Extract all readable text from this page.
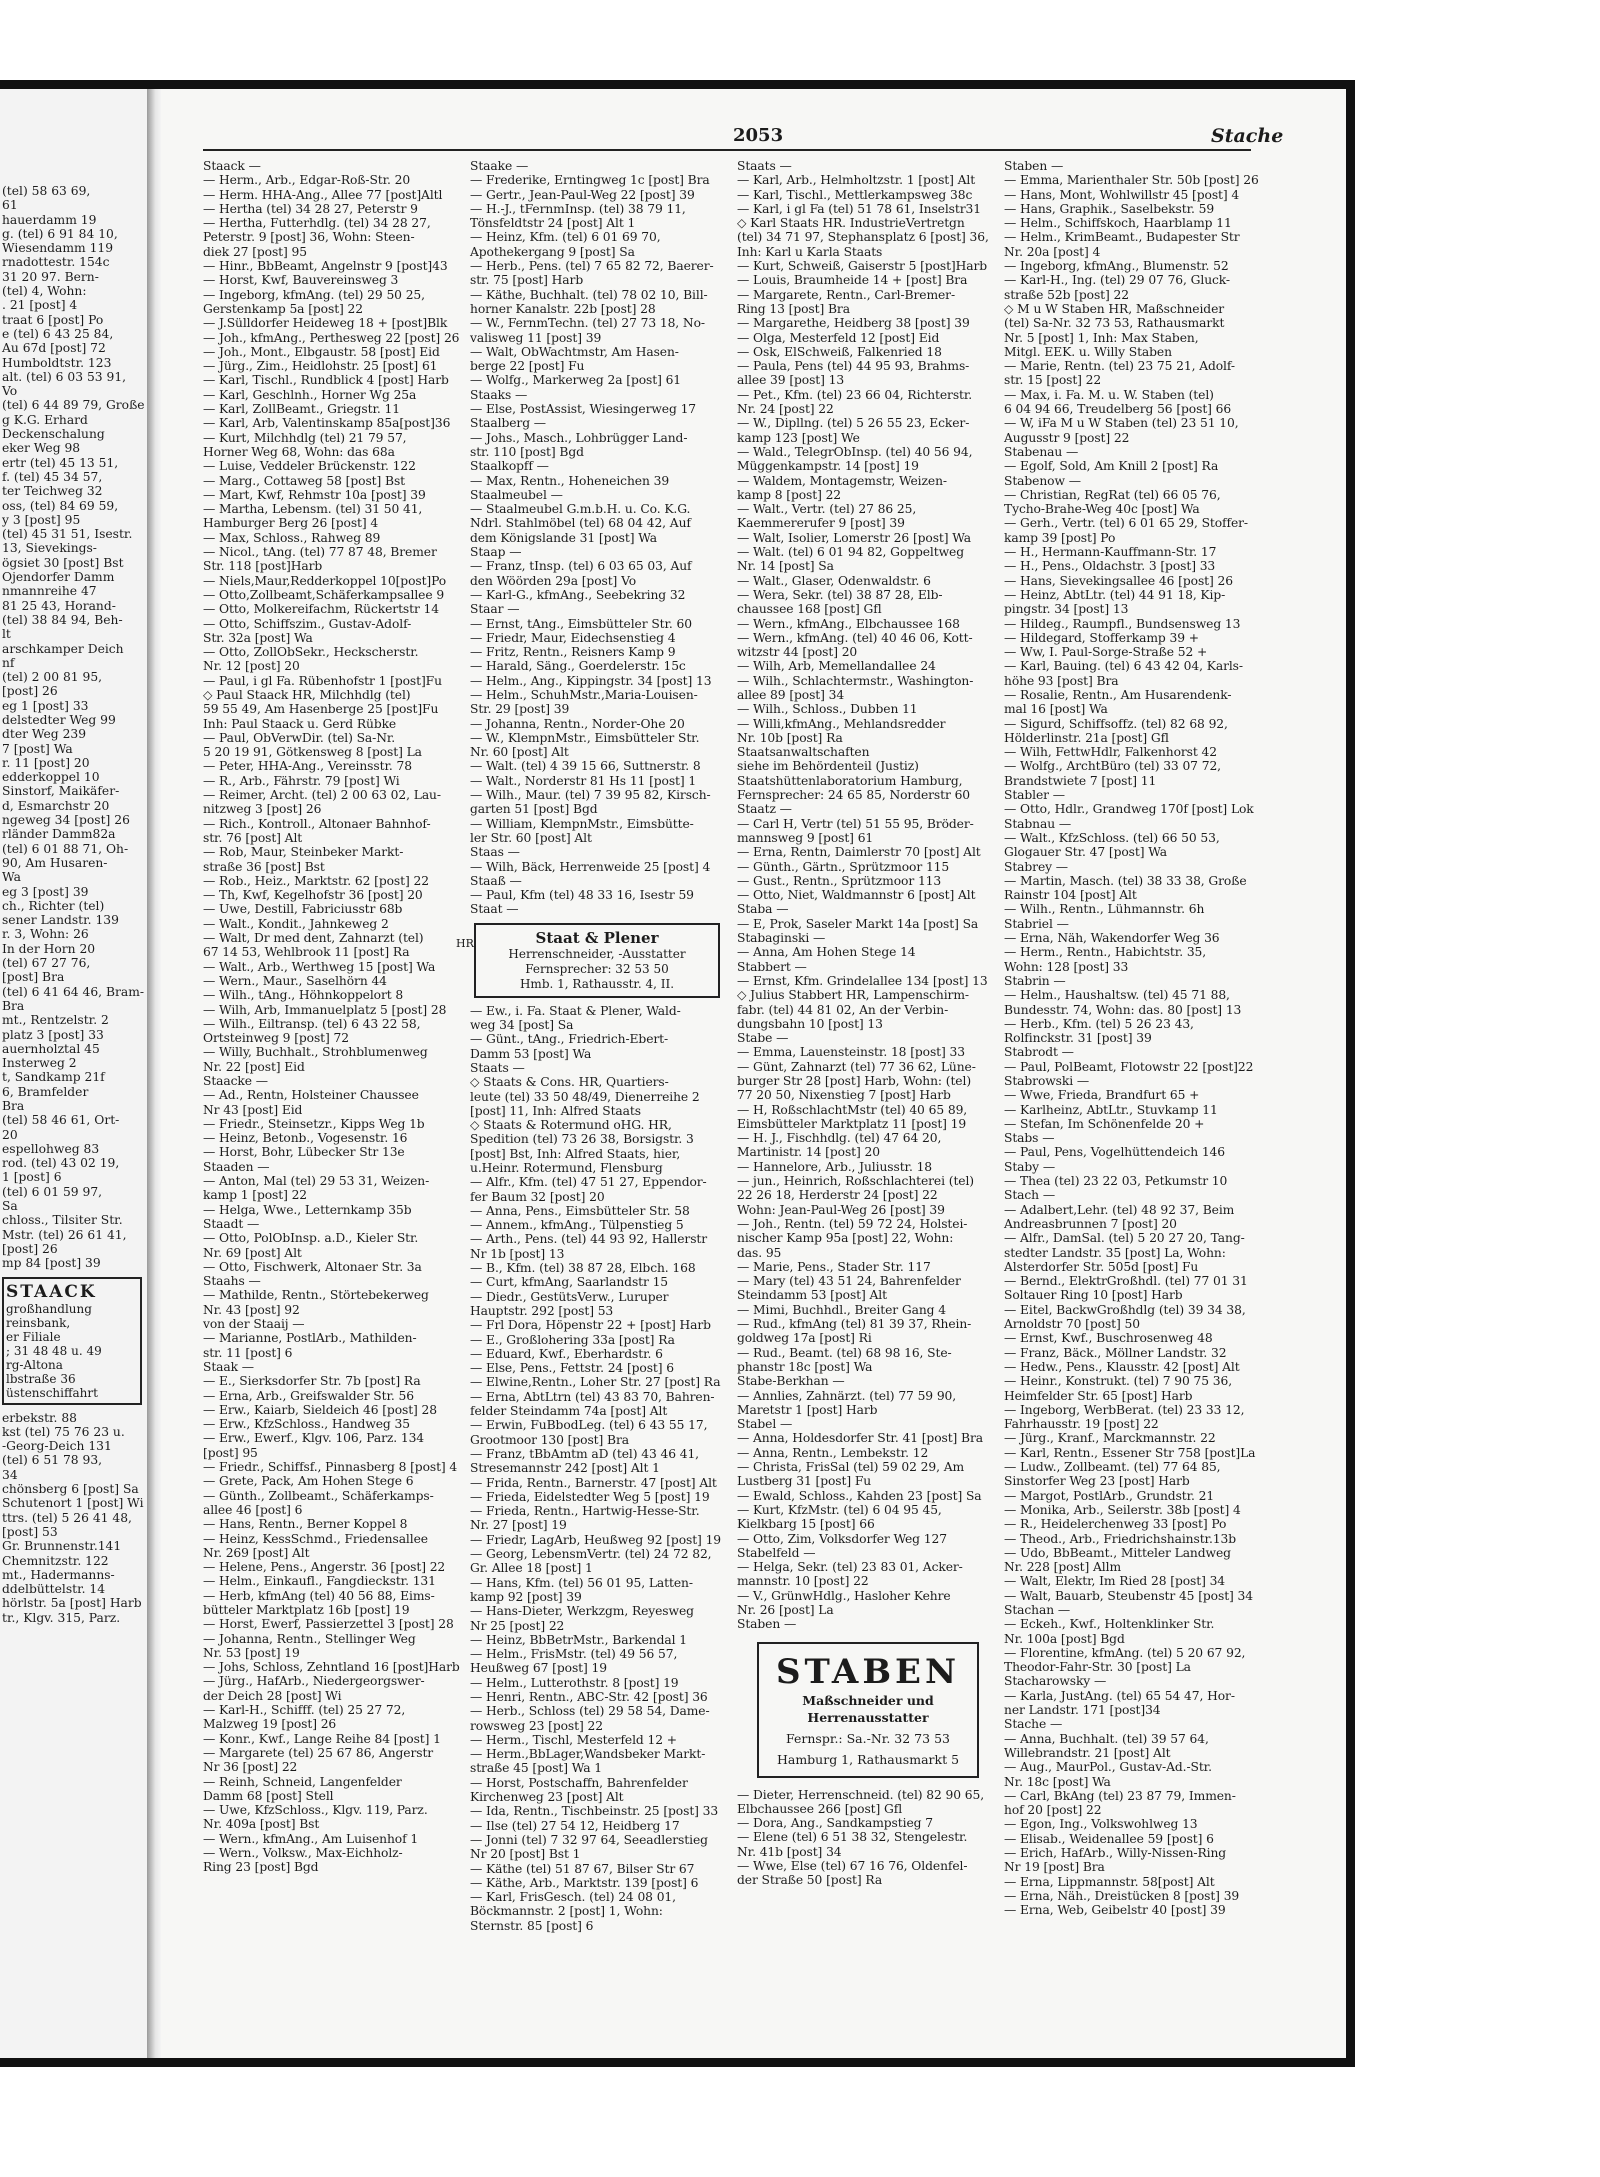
(tel) 58 63 69,
61
hauerdamm 19
g. (tel) 6 91 84 10,
Wiesendamm 119
rnadottestr. 154c
31 20 97. Bern-
(tel) 4, Wohn:
. 21 [post] 4
traat 6 [post] Po
e (tel) 6 43 25 84,
Au 67d [post] 72
Humboldtstr. 123
alt. (tel) 6 03 53 91,
Vo
(tel) 6 44 89 79, Große
g K.G. Erhard
Deckenschalung
eker Weg 98
ertr (tel) 45 13 51,
f. (tel) 45 34 57,
ter Teichweg 32
oss, (tel) 84 69 59,
y 3 [post] 95
(tel) 45 31 51, Isestr.
13, Sievekings-
ögsiet 30 [post] Bst
Ojendorfer Damm
nmannreihe 47
81 25 43, Horand-
(tel) 38 84 94, Beh-
lt
arschkamper Deich
nf
(tel) 2 00 81 95,
[post] 26
eg 1 [post] 33
delstedter Weg 99
dter Weg 239
7 [post] Wa
r. 11 [post] 20
edderkoppel 10
Sinstorf, Maikäfer-
d, Esmarchstr 20
ngeweg 34 [post] 26
rländer Damm82a
(tel) 6 01 88 71, Oh-
90, Am Husaren-
Wa
eg 3 [post] 39
ch., Richter (tel)
sener Landstr. 139
r. 3, Wohn: 26
In der Horn 20
(tel) 67 27 76,
[post] Bra
(tel) 6 41 64 46, Bram-
Bra
mt., Rentzelstr. 2
platz 3 [post] 33
auernholztal 45
Insterweg 2
t, Sandkamp 21f
6, Bramfelder
Bra
(tel) 58 46 61, Ort-
20
espellohweg 83
rod. (tel) 43 02 19,
1 [post] 6
(tel) 6 01 59 97,
Sa
chloss., Tilsiter Str.
Mstr. (tel) 26 61 41,
[post] 26
mp 84 [post] 39
STAACK
großhandlung
reinsbank,
er Filiale
; 31 48 48 u. 49
rg-Altona
lbstraße 36
üstenschiffahrt
erbekstr. 88
kst (tel) 75 76 23 u.
-Georg-Deich 131
(tel) 6 51 78 93,
34
chönsberg 6 [post] Sa
Schutenort 1 [post] Wi
ttrs. (tel) 5 26 41 48,
[post] 53
Gr. Brunnenstr.141
Chemnitzstr. 122
mt., Hadermanns-
ddelbüttelstr. 14
hörlstr. 5a [post] Harb
tr., Klgv. 315, Parz.
2053	Stache
Staack —
— Herm., Arb., Edgar-Roß-Str. 20
— Herm. HHA-Ang., Allee 77 [post]Altl
— Hertha (tel) 34 28 27, Peterstr 9
— Hertha, Futterhdlg. (tel) 34 28 27,
Peterstr. 9 [post] 36, Wohn: Steen-
diek 27 [post] 95
— Hinr., BbBeamt, Angelnstr 9 [post]43
— Horst, Kwf, Bauvereinsweg 3
— Ingeborg, kfmAng. (tel) 29 50 25,
Gerstenkamp 5a [post] 22
— J.Sülldorfer Heideweg 18 + [post]Blk
— Joh., kfmAng., Perthesweg 22 [post] 26
— Joh., Mont., Elbgaustr. 58 [post] Eid
— Jürg., Zim., Heidlohstr. 25 [post] 61
— Karl, Tischl., Rundblick 4 [post] Harb
— Karl, Geschlnh., Horner Wg 25a
— Karl, ZollBeamt., Griegstr. 11
— Karl, Arb, Valentinskamp 85a[post]36
— Kurt, Milchhdlg (tel) 21 79 57,
Horner Weg 68, Wohn: das 68a
— Luise, Veddeler Brückenstr. 122
— Marg., Cottaweg 58 [post] Bst
— Mart, Kwf, Rehmstr 10a [post] 39
— Martha, Lebensm. (tel) 31 50 41,
Hamburger Berg 26 [post] 4
— Max, Schloss., Rahweg 89
— Nicol., tAng. (tel) 77 87 48, Bremer
Str. 118 [post]Harb
— Niels,Maur,Redderkoppel 10[post]Po
— Otto,Zollbeamt,Schäferkampsallee 9
— Otto, Molkereifachm, Rückertstr 14
— Otto, Schiffszim., Gustav-Adolf-
Str. 32a [post] Wa
— Otto, ZollObSekr., Heckscherstr.
Nr. 12 [post] 20
— Paul, i gl Fa. Rübenhofstr 1 [post]Fu
◇ Paul Staack HR, Milchhdlg (tel)
59 55 49, Am Hasenberge 25 [post]Fu
Inh: Paul Staack u. Gerd Rübke
— Paul, ObVerwDir. (tel) Sa-Nr.
5 20 19 91, Götkensweg 8 [post] La
— Peter, HHA-Ang., Vereinsstr. 78
— R., Arb., Fährstr. 79 [post] Wi
— Reimer, Archt. (tel) 2 00 63 02, Lau-
nitzweg 3 [post] 26
— Rich., Kontroll., Altonaer Bahnhof-
str. 76 [post] Alt
— Rob, Maur, Steinbeker Markt-
straße 36 [post] Bst
— Rob., Heiz., Marktstr. 62 [post] 22
— Th, Kwf, Kegelhofstr 36 [post] 20
— Uwe, Destill, Fabriciusstr 68b
— Walt., Kondit., Jahnkeweg 2
— Walt, Dr med dent, Zahnarzt (tel)
67 14 53, Wehlbrook 11 [post] Ra
— Walt., Arb., Werthweg 15 [post] Wa
— Wern., Maur., Saselhörn 44
— Wilh., tAng., Höhnkoppelort 8
— Wilh, Arb, Immanuelplatz 5 [post] 28
— Wilh., Eiltransp. (tel) 6 43 22 58,
Ortsteinweg 9 [post] 72
— Willy, Buchhalt., Strohblumenweg
Nr. 22 [post] Eid
Staacke —
— Ad., Rentn, Holsteiner Chaussee
Nr 43 [post] Eid
— Friedr., Steinsetzr., Kipps Weg 1b
— Heinz, Betonb., Vogesenstr. 16
— Horst, Bohr, Lübecker Str 13e
Staaden —
— Anton, Mal (tel) 29 53 31, Weizen-
kamp 1 [post] 22
— Helga, Wwe., Letternkamp 35b
Staadt —
— Otto, PolObInsp. a.D., Kieler Str.
Nr. 69 [post] Alt
— Otto, Fischwerk, Altonaer Str. 3a
Staahs —
— Mathilde, Rentn., Störtebekerweg
Nr. 43 [post] 92
von der Staaij —
— Marianne, PostlArb., Mathilden-
str. 11 [post] 6
Staak —
— E., Sierksdorfer Str. 7b [post] Ra
— Erna, Arb., Greifswalder Str. 56
— Erw., Kaiarb, Sieldeich 46 [post] 28
— Erw., KfzSchloss., Handweg 35
— Erw., Ewerf., Klgv. 106, Parz. 134
[post] 95
— Friedr., Schiffsf., Pinnasberg 8 [post] 4
— Grete, Pack, Am Hohen Stege 6
— Günth., Zollbeamt., Schäferkamps-
allee 46 [post] 6
— Hans, Rentn., Berner Koppel 8
— Heinz, KessSchmd., Friedensallee
Nr. 269 [post] Alt
— Helene, Pens., Angerstr. 36 [post] 22
— Helm., Einkaufl., Fangdieckstr. 131
— Herb, kfmAng (tel) 40 56 88, Eims-
bütteler Marktplatz 16b [post] 19
— Horst, Ewerf, Passierzettel 3 [post] 28
— Johanna, Rentn., Stellinger Weg
Nr. 53 [post] 19
— Johs, Schloss, Zehntland 16 [post]Harb
— Jürg., HafArb., Niedergeorgswer-
der Deich 28 [post] Wi
— Karl-H., Schifff. (tel) 25 27 72,
Malzweg 19 [post] 26
— Konr., Kwf., Lange Reihe 84 [post] 1
— Margarete (tel) 25 67 86, Angerstr
Nr 36 [post] 22
— Reinh, Schneid, Langenfelder
Damm 68 [post] Stell
— Uwe, KfzSchloss., Klgv. 119, Parz.
Nr. 409a [post] Bst
— Wern., kfmAng., Am Luisenhof 1
— Wern., Volksw., Max-Eichholz-
Ring 23 [post] Bgd
Staake —
— Frederike, Erntingweg 1c [post] Bra
— Gertr., Jean-Paul-Weg 22 [post] 39
— H.-J., tFernmInsp. (tel) 38 79 11,
Tönsfeldtstr 24 [post] Alt 1
— Heinz, Kfm. (tel) 6 01 69 70,
Apothekergang 9 [post] Sa
— Herb., Pens. (tel) 7 65 82 72, Baerer-
str. 75 [post] Harb
— Käthe, Buchhalt. (tel) 78 02 10, Bill-
horner Kanalstr. 22b [post] 28
— W., FernmTechn. (tel) 27 73 18, No-
valisweg 11 [post] 39
— Walt, ObWachtmstr, Am Hasen-
berge 22 [post] Fu
— Wolfg., Markerweg 2a [post] 61
Staaks —
— Else, PostAssist, Wiesingerweg 17
Staalberg —
— Johs., Masch., Lohbrügger Land-
str. 110 [post] Bgd
Staalkopff —
— Max, Rentn., Hoheneichen 39
Staalmeubel —
— Staalmeubel G.m.b.H. u. Co. K.G.
Ndrl. Stahlmöbel (tel) 68 04 42, Auf
dem Königslande 31 [post] Wa
Staap —
— Franz, tInsp. (tel) 6 03 65 03, Auf
den Wöörden 29a [post] Vo
— Karl-G., kfmAng., Seebekring 32
Staar —
— Ernst, tAng., Eimsbütteler Str. 60
— Friedr, Maur, Eidechsenstieg 4
— Fritz, Rentn., Reisners Kamp 9
— Harald, Säng., Goerdelerstr. 15c
— Helm., Ang., Kippingstr. 34 [post] 13
— Helm., SchuhMstr.,Maria-Louisen-
Str. 29 [post] 39
— Johanna, Rentn., Norder-Ohe 20
— W., KlempnMstr., Eimsbütteler Str.
Nr. 60 [post] Alt
— Walt. (tel) 4 39 15 66, Suttnerstr. 8
— Walt., Norderstr 81 Hs 11 [post] 1
— Wilh., Maur. (tel) 7 39 95 82, Kirsch-
garten 51 [post] Bgd
— William, KlempnMstr., Eimsbütte-
ler Str. 60 [post] Alt
Staas —
— Wilh, Bäck, Herrenweide 25 [post] 4
Staaß —
— Paul, Kfm (tel) 48 33 16, Isestr 59
Staat —
HR	Staat & Plener
Herrenschneider, -Ausstatter
Fernsprecher: 32 53 50
Hmb. 1, Rathausstr. 4, II.
— Ew., i. Fa. Staat & Plener, Wald-
weg 34 [post] Sa
— Günt., tAng., Friedrich-Ebert-
Damm 53 [post] Wa
Staats —
◇ Staats & Cons. HR, Quartiers-
leute (tel) 33 50 48/49, Dienerreihe 2
[post] 11, Inh: Alfred Staats
◇ Staats & Rotermund oHG. HR,
Spedition (tel) 73 26 38, Borsigstr. 3
[post] Bst, Inh: Alfred Staats, hier,
u.Heinr. Rotermund, Flensburg
— Alfr., Kfm. (tel) 47 51 27, Eppendor-
fer Baum 32 [post] 20
— Anna, Pens., Eimsbütteler Str. 58
— Annem., kfmAng., Tülpenstieg 5
— Arth., Pens. (tel) 44 93 92, Hallerstr
Nr 1b [post] 13
— B., Kfm. (tel) 38 87 28, Elbch. 168
— Curt, kfmAng, Saarlandstr 15
— Diedr., GestütsVerw., Luruper
Hauptstr. 292 [post] 53
— Frl Dora, Höpenstr 22 + [post] Harb
— E., Großlohering 33a [post] Ra
— Eduard, Kwf., Eberhardstr. 6
— Else, Pens., Fettstr. 24 [post] 6
— Elwine,Rentn., Loher Str. 27 [post] Ra
— Erna, AbtLtrn (tel) 43 83 70, Bahren-
felder Steindamm 74a [post] Alt
— Erwin, FuBbodLeg. (tel) 6 43 55 17,
Grootmoor 130 [post] Bra
— Franz, tBbAmtm aD (tel) 43 46 41,
Stresemannstr 242 [post] Alt 1
— Frida, Rentn., Barnerstr. 47 [post] Alt
— Frieda, Eidelstedter Weg 5 [post] 19
— Frieda, Rentn., Hartwig-Hesse-Str.
Nr. 27 [post] 19
— Friedr, LagArb, Heußweg 92 [post] 19
— Georg, LebensmVertr. (tel) 24 72 82,
Gr. Allee 18 [post] 1
— Hans, Kfm. (tel) 56 01 95, Latten-
kamp 92 [post] 39
— Hans-Dieter, Werkzgm, Reyesweg
Nr 25 [post] 22
— Heinz, BbBetrMstr., Barkendal 1
— Helm., FrisMstr. (tel) 49 56 57,
Heußweg 67 [post] 19
— Helm., Lutterothstr. 8 [post] 19
— Henri, Rentn., ABC-Str. 42 [post] 36
— Herb., Schloss (tel) 29 58 54, Dame-
rowsweg 23 [post] 22
— Herm., Tischl, Mesterfeld 12 +
— Herm.,BbLager,Wandsbeker Markt-
straße 45 [post] Wa 1
— Horst, Postschaffn, Bahrenfelder
Kirchenweg 23 [post] Alt
— Ida, Rentn., Tischbeinstr. 25 [post] 33
— Ilse (tel) 27 54 12, Heidberg 17
— Jonni (tel) 7 32 97 64, Seeadlerstieg
Nr 20 [post] Bst 1
— Käthe (tel) 51 87 67, Bilser Str 67
— Käthe, Arb., Marktstr. 139 [post] 6
— Karl, FrisGesch. (tel) 24 08 01,
Böckmannstr. 2 [post] 1, Wohn:
Sternstr. 85 [post] 6
Staats —
— Karl, Arb., Helmholtzstr. 1 [post] Alt
— Karl, Tischl., Mettlerkampsweg 38c
— Karl, i gl Fa (tel) 51 78 61, Inselstr31
◇ Karl Staats HR. IndustrieVertretgn
(tel) 34 71 97, Stephansplatz 6 [post] 36,
Inh: Karl u Karla Staats
— Kurt, Schweiß, Gaiserstr 5 [post]Harb
— Louis, Braumheide 14 + [post] Bra
— Margarete, Rentn., Carl-Bremer-
Ring 13 [post] Bra
— Margarethe, Heidberg 38 [post] 39
— Olga, Mesterfeld 12 [post] Eid
— Osk, ElSchweiß, Falkenried 18
— Paula, Pens (tel) 44 95 93, Brahms-
allee 39 [post] 13
— Pet., Kfm. (tel) 23 66 04, Richterstr.
Nr. 24 [post] 22
— W., Dipllng. (tel) 5 26 55 23, Ecker-
kamp 123 [post] We
— Wald., TelegrObInsp. (tel) 40 56 94,
Müggenkampstr. 14 [post] 19
— Waldem, Montagemstr, Weizen-
kamp 8 [post] 22
— Walt., Vertr. (tel) 27 86 25,
Kaemmererufer 9 [post] 39
— Walt, Isolier, Lomerstr 26 [post] Wa
— Walt. (tel) 6 01 94 82, Goppeltweg
Nr. 14 [post] Sa
— Walt., Glaser, Odenwaldstr. 6
— Wera, Sekr. (tel) 38 87 28, Elb-
chaussee 168 [post] Gfl
— Wern., kfmAng., Elbchaussee 168
— Wern., kfmAng. (tel) 40 46 06, Kott-
witzstr 44 [post] 20
— Wilh, Arb, Memellandallee 24
— Wilh., Schlachtermstr., Washington-
allee 89 [post] 34
— Wilh., Schloss., Dubben 11
— Willi,kfmAng., Mehlandsredder
Nr. 10b [post] Ra
Staatsanwaltschaften
siehe im Behördenteil (Justiz)
Staatshüttenlaboratorium Hamburg,
Fernsprecher: 24 65 85, Norderstr 60
Staatz —
— Carl H, Vertr (tel) 51 55 95, Bröder-
mannsweg 9 [post] 61
— Erna, Rentn, Daimlerstr 70 [post] Alt
— Günth., Gärtn., Sprützmoor 115
— Gust., Rentn., Sprützmoor 113
— Otto, Niet, Waldmannstr 6 [post] Alt
Staba —
— E, Prok, Saseler Markt 14a [post] Sa
Stabaginski —
— Anna, Am Hohen Stege 14
Stabbert —
— Ernst, Kfm. Grindelallee 134 [post] 13
◇ Julius Stabbert HR, Lampenschirm-
fabr. (tel) 44 81 02, An der Verbin-
dungsbahn 10 [post] 13
Stabe —
— Emma, Lauensteinstr. 18 [post] 33
— Günt, Zahnarzt (tel) 77 36 62, Lüne-
burger Str 28 [post] Harb, Wohn: (tel)
77 20 50, Nixenstieg 7 [post] Harb
— H, RoßschlachtMstr (tel) 40 65 89,
Eimsbütteler Marktplatz 11 [post] 19
— H. J., Fischhdlg. (tel) 47 64 20,
Martinistr. 14 [post] 20
— Hannelore, Arb., Juliusstr. 18
— jun., Heinrich, Roßschlachterei (tel)
22 26 18, Herderstr 24 [post] 22
Wohn: Jean-Paul-Weg 26 [post] 39
— Joh., Rentn. (tel) 59 72 24, Holstei-
nischer Kamp 95a [post] 22, Wohn:
das. 95
— Marie, Pens., Stader Str. 117
— Mary (tel) 43 51 24, Bahrenfelder
Steindamm 53 [post] Alt
— Mimi, Buchhdl., Breiter Gang 4
— Rud., kfmAng (tel) 81 39 37, Rhein-
goldweg 17a [post] Ri
— Rud., Beamt. (tel) 68 98 16, Ste-
phanstr 18c [post] Wa
Stabe-Berkhan —
— Annlies, Zahnärzt. (tel) 77 59 90,
Maretstr 1 [post] Harb
Stabel —
— Anna, Holdesdorfer Str. 41 [post] Bra
— Anna, Rentn., Lembekstr. 12
— Christa, FrisSal (tel) 59 02 29, Am
Lustberg 31 [post] Fu
— Ewald, Schloss., Kahden 23 [post] Sa
— Kurt, KfzMstr. (tel) 6 04 95 45,
Kielkbarg 15 [post] 66
— Otto, Zim, Volksdorfer Weg 127
Stabelfeld —
— Helga, Sekr. (tel) 23 83 01, Acker-
mannstr. 10 [post] 22
— V., GrünwHdlg., Hasloher Kehre
Nr. 26 [post] La
Staben —
STABEN
Maßschneider und
Herrenausstatter
Fernspr.: Sa.-Nr. 32 73 53
Hamburg 1, Rathausmarkt 5
— Dieter, Herrenschneid. (tel) 82 90 65,
Elbchaussee 266 [post] Gfl
— Dora, Ang., Sandkampstieg 7
— Elene (tel) 6 51 38 32, Stengelestr.
Nr. 41b [post] 34
— Wwe, Else (tel) 67 16 76, Oldenfel-
der Straße 50 [post] Ra
Staben —
— Emma, Marienthaler Str. 50b [post] 26
— Hans, Mont, Wohlwillstr 45 [post] 4
— Hans, Graphik., Saselbekstr. 59
— Helm., Schiffskoch, Haarblamp 11
— Helm., KrimBeamt., Budapester Str
Nr. 20a [post] 4
— Ingeborg, kfmAng., Blumenstr. 52
— Karl-H., Ing. (tel) 29 07 76, Gluck-
straße 52b [post] 22
◇ M u W Staben HR, Maßschneider
(tel) Sa-Nr. 32 73 53, Rathausmarkt
Nr. 5 [post] 1, Inh: Max Staben,
Mitgl. EEK. u. Willy Staben
— Marie, Rentn. (tel) 23 75 21, Adolf-
str. 15 [post] 22
— Max, i. Fa. M. u. W. Staben (tel)
6 04 94 66, Treudelberg 56 [post] 66
— W, iFa M u W Staben (tel) 23 51 10,
Augusstr 9 [post] 22
Stabenau —
— Egolf, Sold, Am Knill 2 [post] Ra
Stabenow —
— Christian, RegRat (tel) 66 05 76,
Tycho-Brahe-Weg 40c [post] Wa
— Gerh., Vertr. (tel) 6 01 65 29, Stoffer-
kamp 39 [post] Po
— H., Hermann-Kauffmann-Str. 17
— H., Pens., Oldachstr. 3 [post] 33
— Hans, Sievekingsallee 46 [post] 26
— Heinz, AbtLtr. (tel) 44 91 18, Kip-
pingstr. 34 [post] 13
— Hildeg., Raumpfl., Bundsensweg 13
— Hildegard, Stofferkamp 39 +
— Ww, I. Paul-Sorge-Straße 52 +
— Karl, Bauing. (tel) 6 43 42 04, Karls-
höhe 93 [post] Bra
— Rosalie, Rentn., Am Husarendenk-
mal 16 [post] Wa
— Sigurd, Schiffsoffz. (tel) 82 68 92,
Hölderlinstr. 21a [post] Gfl
— Wilh, FettwHdlr, Falkenhorst 42
— Wolfg., ArchtBüro (tel) 33 07 72,
Brandstwiete 7 [post] 11
Stabler —
— Otto, Hdlr., Grandweg 170f [post] Lok
Stabnau —
— Walt., KfzSchloss. (tel) 66 50 53,
Glogauer Str. 47 [post] Wa
Stabrey —
— Martin, Masch. (tel) 38 33 38, Große
Rainstr 104 [post] Alt
— Wilh., Rentn., Lühmannstr. 6h
Stabriel —
— Erna, Näh, Wakendorfer Weg 36
— Herm., Rentn., Habichtstr. 35,
Wohn: 128 [post] 33
Stabrin —
— Helm., Haushaltsw. (tel) 45 71 88,
Bundesstr. 74, Wohn: das. 80 [post] 13
— Herb., Kfm. (tel) 5 26 23 43,
Rolfinckstr. 31 [post] 39
Stabrodt —
— Paul, PolBeamt, Flotowstr 22 [post]22
Stabrowski —
— Wwe, Frieda, Brandfurt 65 +
— Karlheinz, AbtLtr., Stuvkamp 11
— Stefan, Im Schönenfelde 20 +
Stabs —
— Paul, Pens, Vogelhüttendeich 146
Staby —
— Thea (tel) 23 22 03, Petkumstr 10
Stach —
— Adalbert,Lehr. (tel) 48 92 37, Beim
Andreasbrunnen 7 [post] 20
— Alfr., DamSal. (tel) 5 20 27 20, Tang-
stedter Landstr. 35 [post] La, Wohn:
Alsterdorfer Str. 505d [post] Fu
— Bernd., ElektrGroßhdl. (tel) 77 01 31
Soltauer Ring 10 [post] Harb
— Eitel, BackwGroßhdlg (tel) 39 34 38,
Arnoldstr 70 [post] 50
— Ernst, Kwf., Buschrosenweg 48
— Franz, Bäck., Möllner Landstr. 32
— Hedw., Pens., Klausstr. 42 [post] Alt
— Heinr., Konstrukt. (tel) 7 90 75 36,
Heimfelder Str. 65 [post] Harb
— Ingeborg, WerbBerat. (tel) 23 33 12,
Fahrhausstr. 19 [post] 22
— Jürg., Kranf., Marckmannstr. 22
— Karl, Rentn., Essener Str 758 [post]La
— Ludw., Zollbeamt. (tel) 77 64 85,
Sinstorfer Weg 23 [post] Harb
— Margot, PostlArb., Grundstr. 21
— Monika, Arb., Seilerstr. 38b [post] 4
— R., Heidelerchenweg 33 [post] Po
— Theod., Arb., Friedrichshainstr.13b
— Udo, BbBeamt., Mitteler Landweg
Nr. 228 [post] Allm
— Walt, Elektr, Im Ried 28 [post] 34
— Walt, Bauarb, Steubenstr 45 [post] 34
Stachan —
— Eckeh., Kwf., Holtenklinker Str.
Nr. 100a [post] Bgd
— Florentine, kfmAng. (tel) 5 20 67 92,
Theodor-Fahr-Str. 30 [post] La
Stacharowsky —
— Karla, JustAng. (tel) 65 54 47, Hor-
ner Landstr. 171 [post]34
Stache —
— Anna, Buchhalt. (tel) 39 57 64,
Willebrandstr. 21 [post] Alt
— Aug., MaurPol., Gustav-Ad.-Str.
Nr. 18c [post] Wa
— Carl, BkAng (tel) 23 87 79, Immen-
hof 20 [post] 22
— Egon, Ing., Volkswohlweg 13
— Elisab., Weidenallee 59 [post] 6
— Erich, HafArb., Willy-Nissen-Ring
Nr 19 [post] Bra
— Erna, Lippmannstr. 58[post] Alt
— Erna, Näh., Dreistücken 8 [post] 39
— Erna, Web, Geibelstr 40 [post] 39
